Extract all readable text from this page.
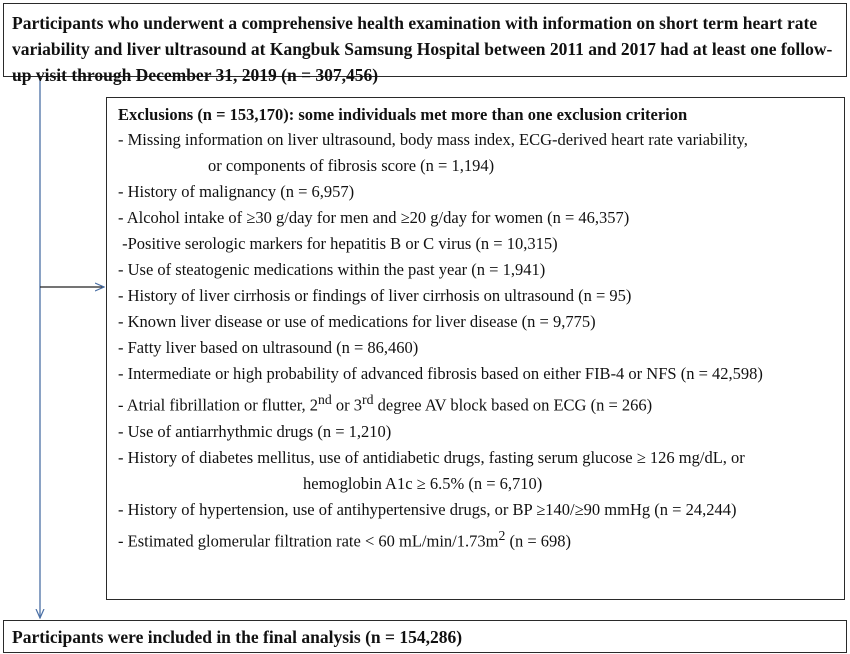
Participants who underwent a comprehensive health examination with information on short term heart rate variability and liver ultrasound at Kangbuk Samsung Hospital between 2011 and 2017 had at least one follow-up visit through December 31, 2019 (n = 307,456)
Exclusions (n = 153,170): some individuals met more than one exclusion criterion
- Missing information on liver ultrasound, body mass index, ECG-derived heart rate variability,
or components of fibrosis score (n = 1,194)
- History of malignancy (n = 6,957)
- Alcohol intake of ≥30 g/day for men and ≥20 g/day for women (n = 46,357)
-Positive serologic markers for hepatitis B or C virus (n = 10,315)
- Use of steatogenic medications within the past year (n = 1,941)
- History of liver cirrhosis or findings of liver cirrhosis on ultrasound (n = 95)
- Known liver disease or use of medications for liver disease (n = 9,775)
- Fatty liver based on ultrasound (n = 86,460)
- Intermediate or high probability of advanced fibrosis based on either FIB-4 or NFS (n = 42,598)
- Atrial fibrillation or flutter, 2nd or 3rd degree AV block based on ECG (n = 266)
- Use of antiarrhythmic drugs (n = 1,210)
- History of diabetes mellitus, use of antidiabetic drugs, fasting serum glucose ≥ 126 mg/dL, or
hemoglobin A1c ≥ 6.5% (n = 6,710)
- History of hypertension, use of antihypertensive drugs, or BP ≥140/≥90 mmHg (n = 24,244)
- Estimated glomerular filtration rate < 60 $mL/\min/1.73m^2$ (n = 698)
Participants were included in the final analysis (n = 154,286)
